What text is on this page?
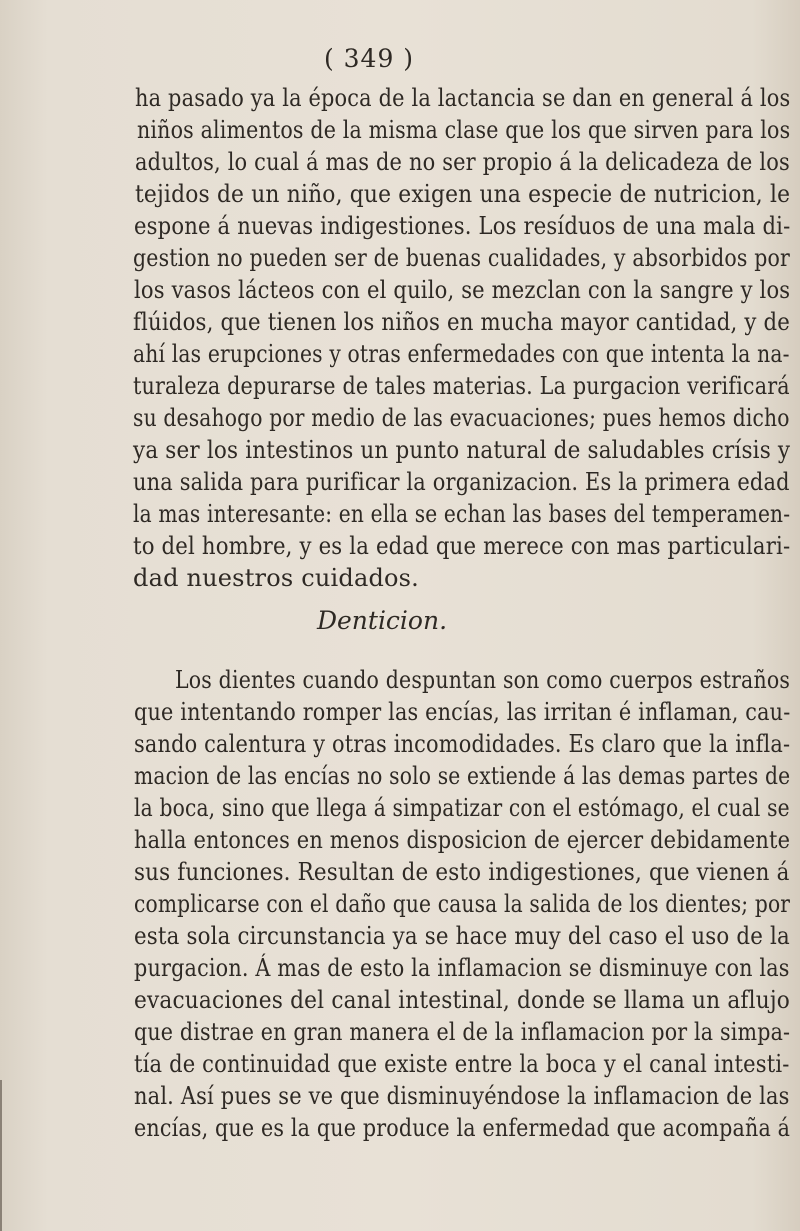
( 349 )
ha pasado ya la época de la lactancia se dan en general á los
niños alimentos de la misma clase que los que sirven para los
adultos, lo cual á mas de no ser propio á la delicadeza de los
tejidos de un niño, que exigen una especie de nutricion, le
espone á nuevas indigestiones. Los resíduos de una mala di-
gestion no pueden ser de buenas cualidades, y absorbidos por
los vasos lácteos con el quilo, se mezclan con la sangre y los
flúidos, que tienen los niños en mucha mayor cantidad, y de
ahí las erupciones y otras enfermedades con que intenta la na-
turaleza depurarse de tales materias. La purgacion verificará
su desahogo por medio de las evacuaciones; pues hemos dicho
ya ser los intestinos un punto natural de saludables crísis y
una salida para purificar la organizacion. Es la primera edad
la mas interesante: en ella se echan las bases del temperamen-
to del hombre, y es la edad que merece con mas particulari-
dad nuestros cuidados.
Denticion.
Los dientes cuando despuntan son como cuerpos estraños
que intentando romper las encías, las irritan é inflaman, cau-
sando calentura y otras incomodidades. Es claro que la infla-
macion de las encías no solo se extiende á las demas partes de
la boca, sino que llega á simpatizar con el estómago, el cual se
halla entonces en menos disposicion de ejercer debidamente
sus funciones. Resultan de esto indigestiones, que vienen á
complicarse con el daño que causa la salida de los dientes; por
esta sola circunstancia ya se hace muy del caso el uso de la
purgacion. Á mas de esto la inflamacion se disminuye con las
evacuaciones del canal intestinal, donde se llama un aflujo
que distrae en gran manera el de la inflamacion por la simpa-
tía de continuidad que existe entre la boca y el canal intesti-
nal. Así pues se ve que disminuyéndose la inflamacion de las
encías, que es la que produce la enfermedad que acompaña á
